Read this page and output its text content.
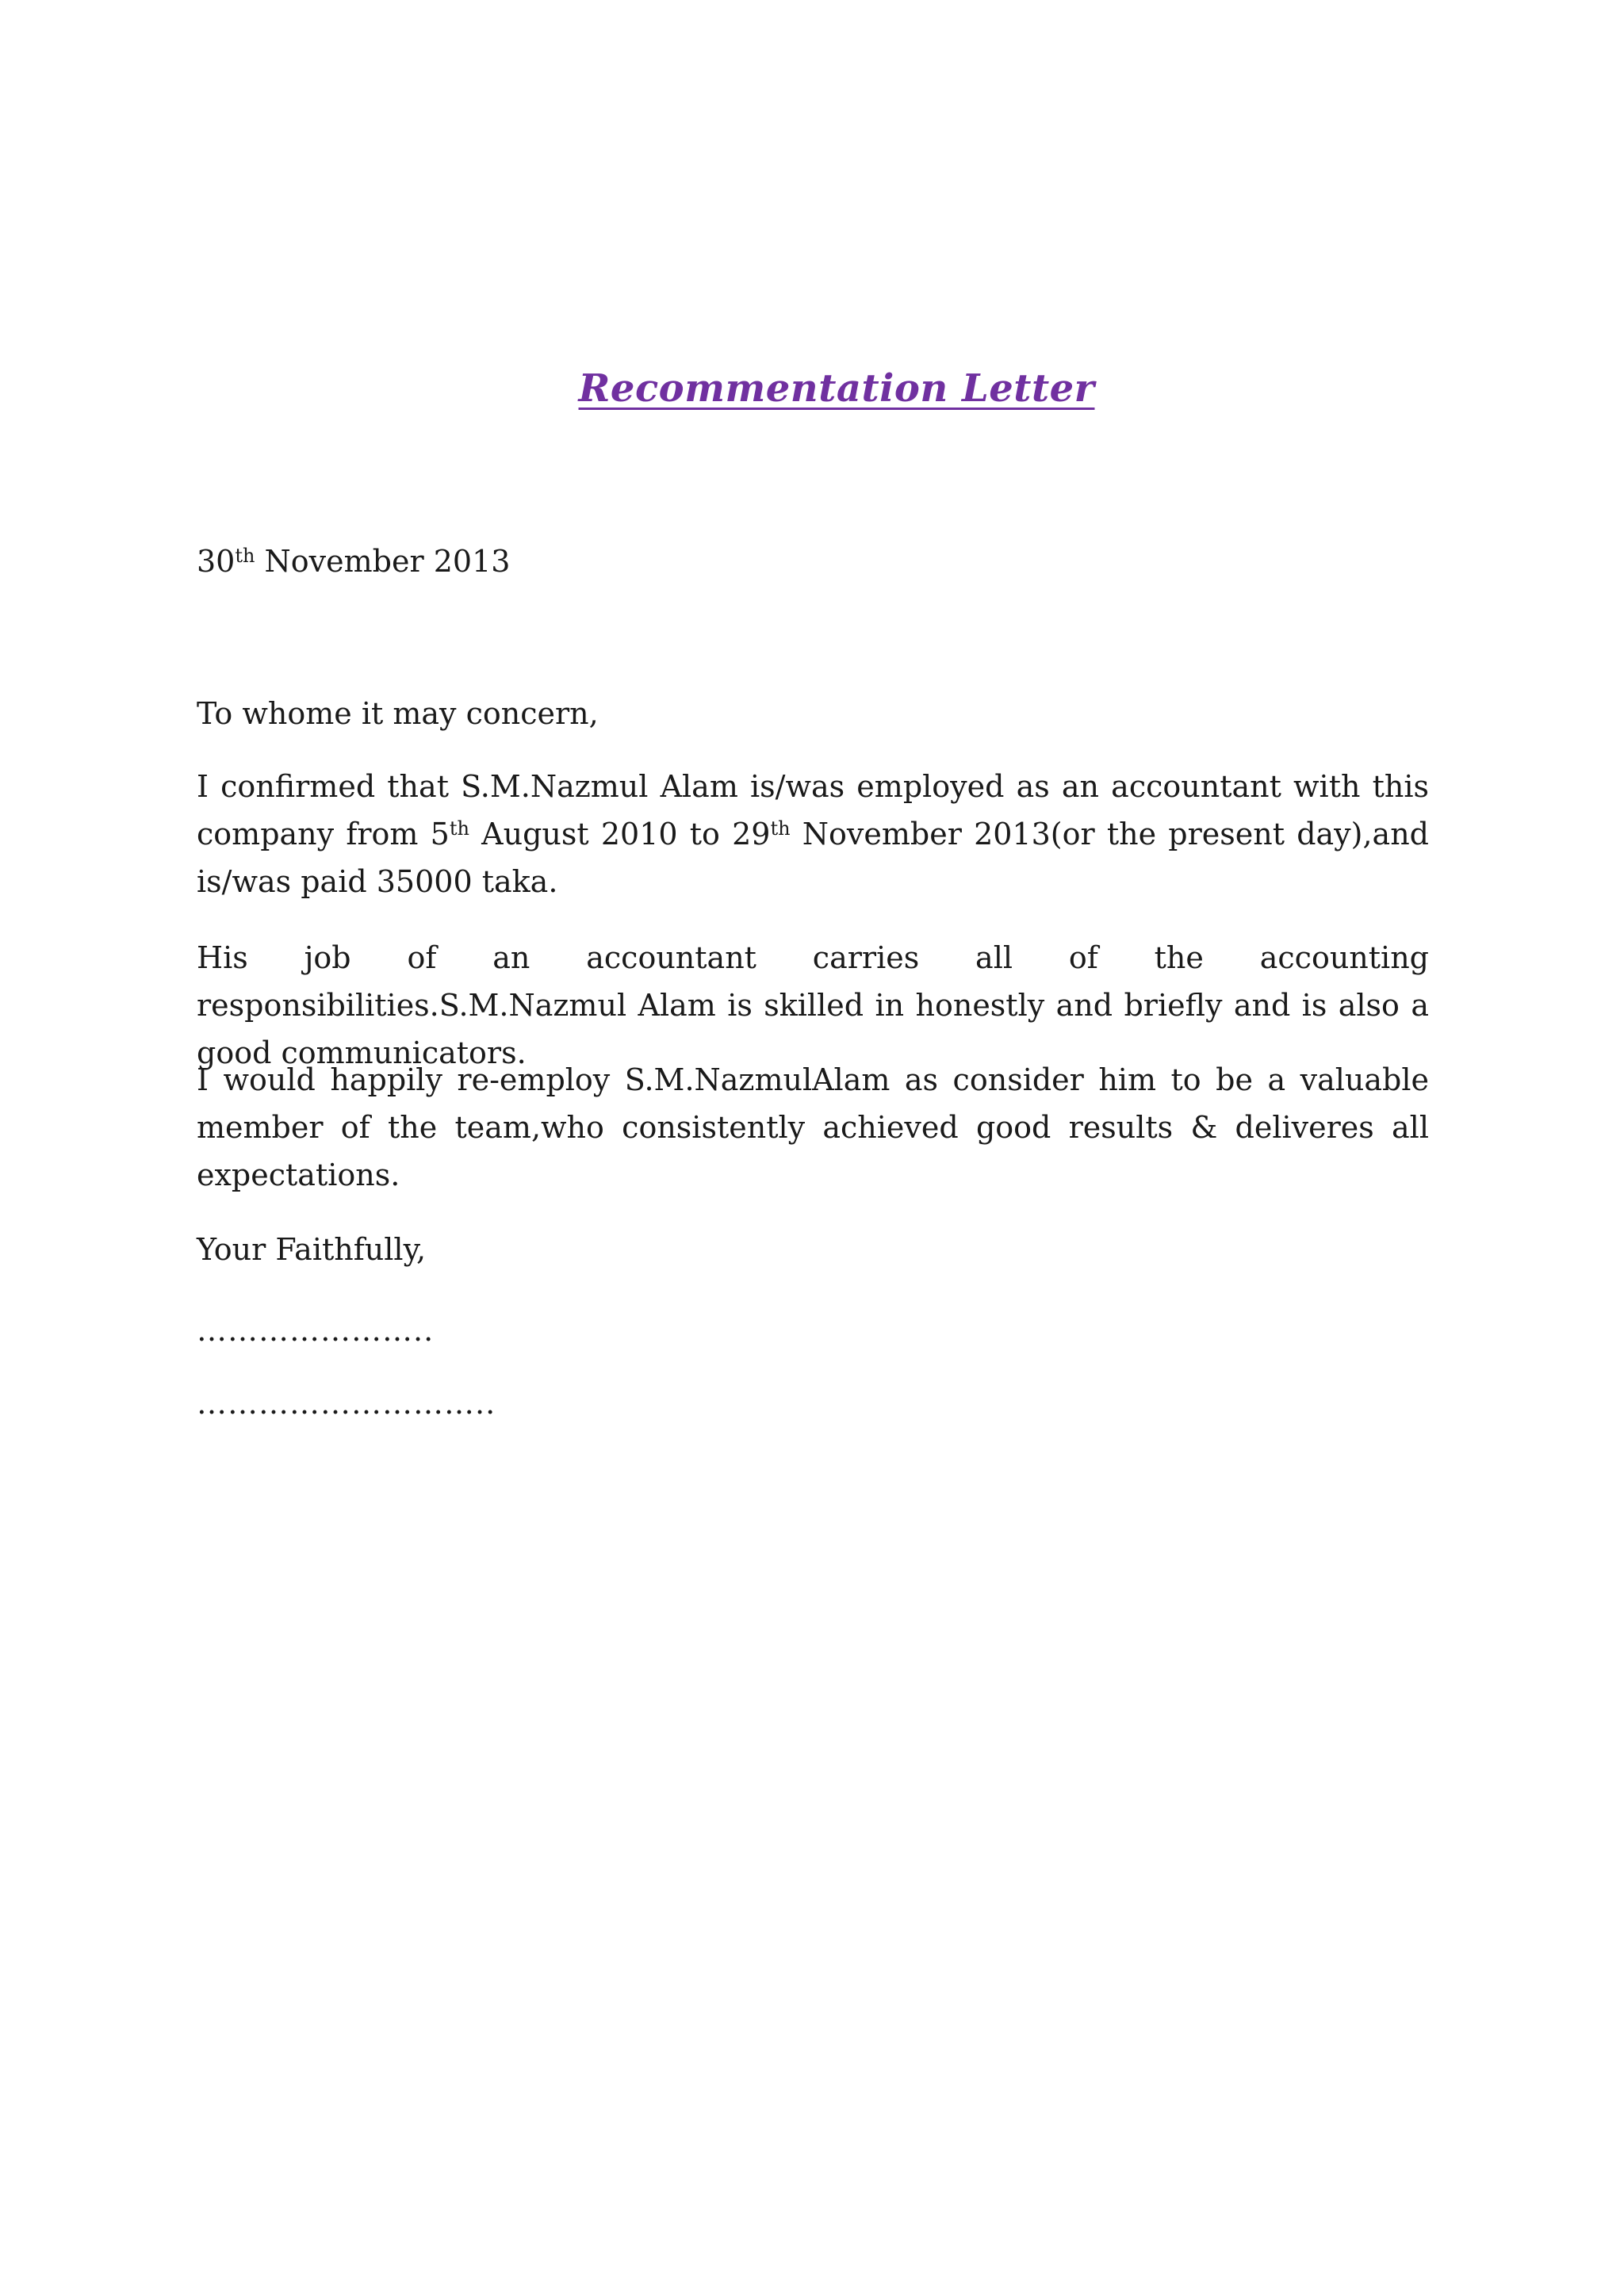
Recommentation Letter
30th November 2013
To whome it may concern,
I confirmed that S.M.Nazmul Alam is/was employed as an accountant with this company from 5th August 2010 to 29th November 2013(or the present day),and is/was paid 35000 taka.
His job of an accountant carries all of the accounting responsibilities.S.M.Nazmul Alam is skilled in honestly and briefly and is also a good communicators.
I would happily re-employ S.M.NazmulAlam as consider him to be a valuable member of the team,who consistently achieved good results & deliveres all expectations.
Your Faithfully,
…………………..
………………………..
